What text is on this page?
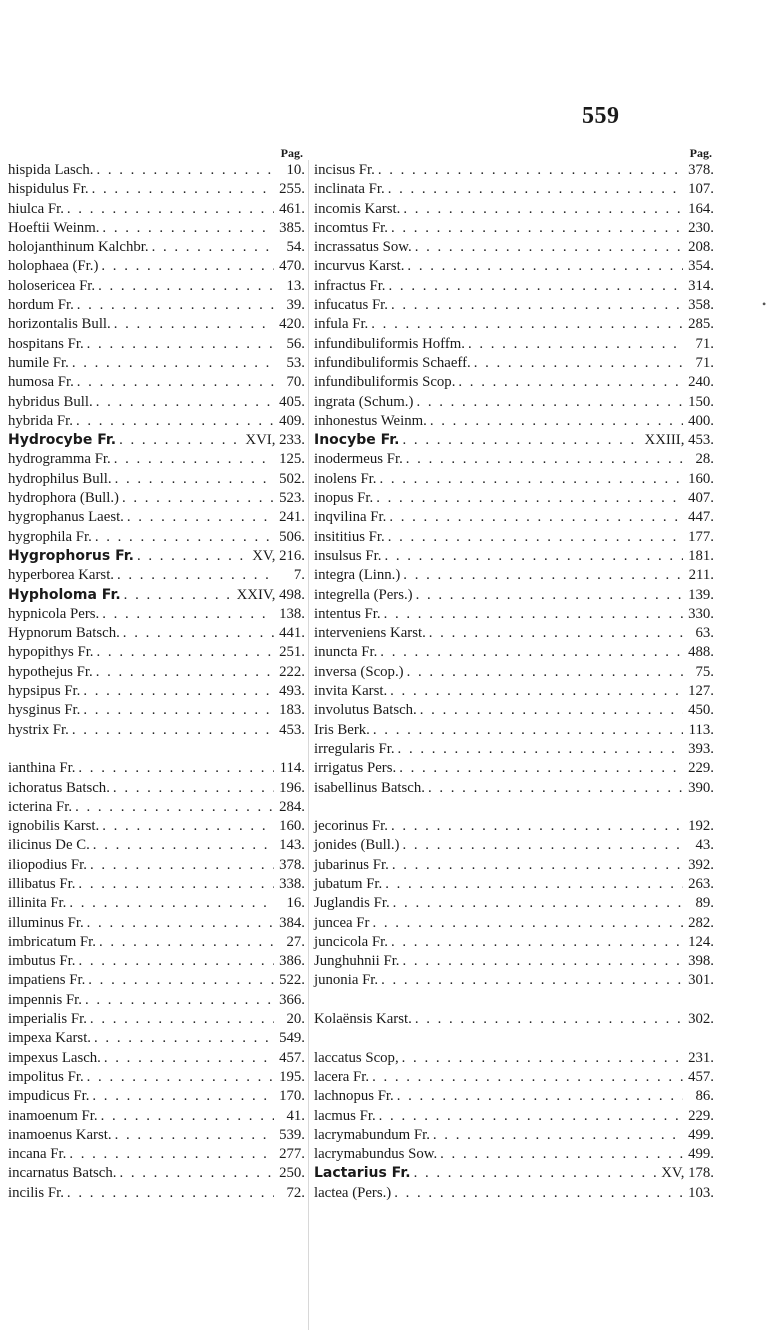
559
Pag.
hispida Lasch. . . .	10.
hispidulus Fr. . . .	255.
hiulca Fr. . . .	461.
Hoeftii Weinm. . . .	385.
holojanthinum Kalchbr. . . .	54.
holophaea (Fr.) . . .	470.
holosericea Fr. . . .	13.
hordum Fr. . . .	39.
horizontalis Bull. . . .	420.
hospitans Fr. . . .	56.
humile Fr. . . .	53.
humosa Fr. . . .	70.
hybridus Bull. . . .	405.
hybrida Fr. . . .	409.
Hydrocybe Fr. . . .	XVI, 233.
hydrogramma Fr. . . .	125.
hydrophilus Bull. . . .	502.
hydrophora (Bull.) . . .	523.
hygrophanus Laest. . . .	241.
hygrophila Fr. . . .	506.
Hygrophorus Fr. . . .	XV, 216.
hyperborea Karst. . . .	7.
Hypholoma Fr. . . .	XXIV, 498.
hypnicola Pers. . . .	138.
Hypnorum Batsch. . . .	441.
hypopithys Fr. . . .	251.
hypothejus Fr. . . .	222.
hypsipus Fr. . . .	493.
hysginus Fr. . . .	183.
hystrix Fr. . . .	453.
ianthina Fr. . . .	114.
ichoratus Batsch. . . .	196.
icterina Fr. . . .	284.
ignobilis Karst. . . .	160.
ilicinus De C. . . .	143.
iliopodius Fr. . . .	378.
illibatus Fr. . . .	338.
illinita Fr. . . .	16.
illuminus Fr. . . .	384.
imbricatum Fr. . . .	27.
imbutus Fr. . . .	386.
impatiens Fr. . . .	522.
impennis Fr. . . .	366.
imperialis Fr. . . .	20.
impexa Karst. . . .	549.
impexus Lasch. . . .	457.
impolitus Fr. . . .	195.
impudicus Fr. . . .	170.
inamoenum Fr. . . .	41.
inamoenus Karst. . . .	539.
incana Fr. . . .	277.
incarnatus Batsch. . . .	250.
incilis Fr. . . .	72.
Pag.
incisus Fr. . . .	378.
inclinata Fr. . . .	107.
incomis Karst. . . .	164.
incomtus Fr. . . .	230.
incrassatus Sow. . . .	208.
incurvus Karst. . . .	354.
infractus Fr. . . .	314.
infucatus Fr. . . .	358.
infula Fr. . . .	285.
infundibuliformis Hoffm. . . .	71.
infundibuliformis Schaeff. . . .	71.
infundibuliformis Scop. . . .	240.
ingrata (Schum.) . . .	150.
inhonestus Weinm. . . .	400.
Inocybe Fr. . . .	XXIII, 453.
inodermeus Fr. . . .	28.
inolens Fr. . . .	160.
inopus Fr. . . .	407.
inqvilina Fr. . . .	447.
insititius Fr. . . .	177.
insulsus Fr. . . .	181.
integra (Linn.) . . .	211.
integrella (Pers.) . . .	139.
intentus Fr. . . .	330.
interveniens Karst. . . .	63.
inuncta Fr. . . .	488.
inversa (Scop.) . . .	75.
invita Karst. . . .	127.
involutus Batsch. . . .	450.
Iris Berk. . . .	113.
irregularis Fr. . . .	393.
irrigatus Pers. . . .	229.
isabellinus Batsch. . . .	390.
jecorinus Fr. . . .	192.
jonides (Bull.) . . .	43.
jubarinus Fr. . . .	392.
jubatum Fr. . . .	263.
Juglandis Fr. . . .	89.
juncea Fr . . .	282.
juncicola Fr. . . .	124.
Junghuhnii Fr. . . .	398.
junonia Fr. . . .	301.
Kolaënsis Karst. . . .	302.
laccatus Scop, . . .	231.
lacera Fr. . . .	457.
lachnopus Fr. . . .	86.
lacmus Fr. . . .	229.
lacrymabundum Fr. . . .	499.
lacrymabundus Sow. . . .	499.
Lactarius Fr. . . .	XV, 178.
lactea (Pers.) . . .	103.
•
